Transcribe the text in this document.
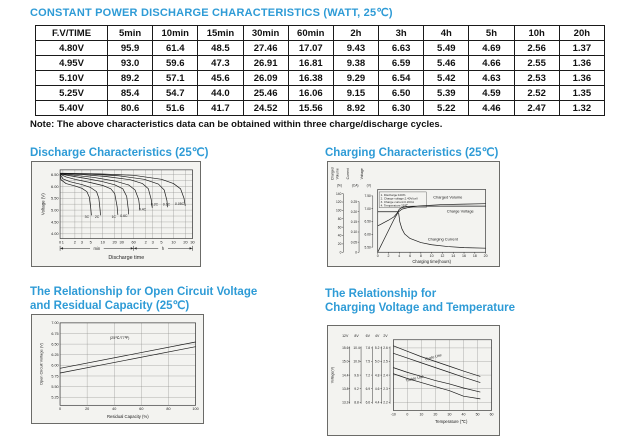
CONSTANT POWER DISCHARGE CHARACTERISTICS (WATT, 25℃)
F.V/TIME	5min	10min	15min	30min	60min	2h	3h	4h	5h	10h	20h
4.80V	95.9	61.4	48.5	27.46	17.07	9.43	6.63	5.49	4.69	2.56	1.37
4.95V	93.0	59.6	47.3	26.91	16.81	9.38	6.59	5.46	4.66	2.55	1.36
5.10V	89.2	57.1	45.6	26.09	16.38	9.29	6.54	5.42	4.63	2.53	1.36
5.25V	85.4	54.7	44.0	25.46	16.06	9.15	6.50	5.39	4.59	2.52	1.35
5.40V	80.6	51.6	41.7	24.52	15.56	8.92	6.30	5.22	4.46	2.47	1.32
Note: The above characteristics data can be obtained within three charge/discharge cycles.
Discharge Characteristics (25℃)	Charging Characteristics (25℃)
The Relationship for Open Circuit Voltage
and Residual Capacity (25℃)
The Relationship for
Charging Voltage and Temperature
6.50
6.00
5.50
5.00
4.50
4.00
Voltage (V)
0 1 2 3 5 10 20 30 60 2 3 5 10 20 30
min	h
Discharge time
3C 2C	1C 0.6C
0.4C
0.2C 0.1C 0.05C
140
120
100
80
60
40
20
0
Charged Volume
(%)
0.25
0.20
0.15
0.10
0.05
0
Current
(CA)
7.50
7.00
6.50
6.00
5.50
Voltage
(V)
0 2 4 6 8 10 12 14 16 18 20
Charging time(hours)
1. Discharge:100%
2. Charge voltage:2.40V/cell
3. Charge current:0.20CA
4. Temperature:25℃
Charged Volume
Charge Voltage
Charging Current
7.00
6.75
6.50
6.25
6.00
5.75
5.50
5.25
0	20	40	60	80	100
Open Circuit Voltage (V)
Residual Capacity (%)
(25℃/77℉)
Voltage(V)
12V
15.6
15.0
14.4
13.8
13.2
8V
10.4
10.0
9.6
9.2
8.8
6V
7.8
7.5
7.2
6.9
6.6
4V
5.2
5.0
4.8
4.6
4.4
2V
2.6
2.5
2.4
2.3
2.2
-10	0	10	20	30	40	50	60
Temperature (℃)
Cycle Use
Trickle Use
